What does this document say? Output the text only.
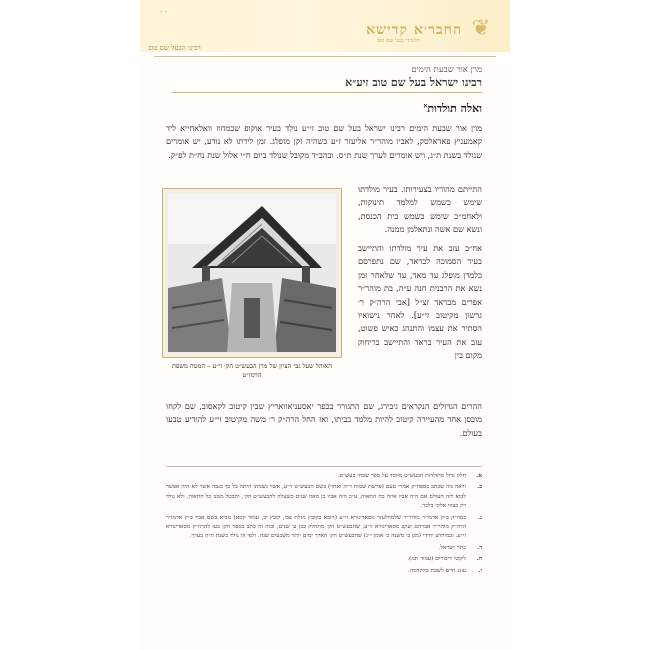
- -
❦
החבר׳א קדישא
תלמידי בעל שם טוב
רבינו הבעל שם טוב
מרן אור שבעת הימים
רבינו ישראל בעל שם טוב זיע״א
ואלה תולדות$^א$

מרן אור שבעת הימים רבינו ישראל בעל שם טוב זי״ע נולד בעיר אוקופ שבמחוז וואלאחייא ליד קאמעניץ פאדאלסק, לאביו מוהר״ר אליעזר ז״ע כשהיה זקן מופלג. זמן לידתו לא נודע, יש אומרים שנולד בשנת ת״ג, ויש אומרים לערך שנת ת״ס. ובהב״ד מקובל שנולד ביום ח״י אלול שנת נח״ת לפ״ק.

התייתם מהוריו בצעירותו. בעיר מולדתו שימש כשמש למלמד תינוקות, ולאחמ״כ שימש כשמש בית הכנסת, ונשא שם אשה ונתאלמן ממנה.

אח״כ עזב את עיר מולדתו והתיישב בעיר הסמוכה לבראד, שם נתפרסם כלמדן מופלג עד מאד, עד שלאחר זמן נשא את הרבנית חנה ע״ה, בת מוהר״ר אפרים מבראד זצ״ל [אבי הרה״ק ר׳ גרשון מקיטוב זי״ע]. לאחר נישואיו הסתיר את עצמו והתנהג כאיש פשוט, עזב את העיר בראד והתיישב בריחוק מקום בין

ההרים הגדולים הנקראים גיבירג, שם התגורר בכפר יאסעניאוואריץ שבין קיטוב לקאסוב, שם לקחו מוכסן אחד מהעיירה קיטוב להיות מלמד בביתו, ואז החל הרה״ק ר׳ משה מקיטוב זי״ע להודיע טבעו בעולם.

האוהל שעל גבי הציון של מרן הבעש״ט הק׳ זי״ע – המטה משפת הרמז״ט
א.
חלק גדול מתולדות הבעש״ט מיוסד על ספר שבחי בעש״ט.
ב.
וראה מה שכתב בספה״ק אמרי טעם (פרשת שמות ד״ה ואחר) בשם הבעש״ט זי״ע, אשר נשמתו היתה כל כך בגבה אשר לא היה אפשר לבוא לזה העולם אם היה אביו איזה כח התאוה, ע״כ היה אביו בן מאה שנים כשעלה להבעש״ט הק׳, ותבטל ממנו כל התאוה, ולא נולד רק בצווי אלקי בלבד.
ג.
בסה״ק ב״ק אדמו״ר מוהר״ר שלמהלעזר מסאדיגורא זי״ע (הובא בקובץ מזלת צבי, קובץ יב, עמוד קסא) מביא בשם אביו כ״ק אדמו״ר הרה״ק מוהר״ר אברהם יעקב מסאדיגורא זי״ע, שהבעש״ט הק׳ מתחלק כבן ע׳ שנים, ובזה זה כתב בספר הקן בעז להרה״ק מסאדיגורא זי״ע. ובמיחוש יחידי (מגן ב׳ משנה ב׳ אומן י״ג) שהבעש״ט הק׳ הארך ימים יותר משבעים שנה. ולפי זה נולד בשנת ת״ה בערך.
ד.
כתר ישראל.
ה.
לקוטי דיבורים (עמוד תמ).
ו.
עונג חיים לשבת בהקדמה.
